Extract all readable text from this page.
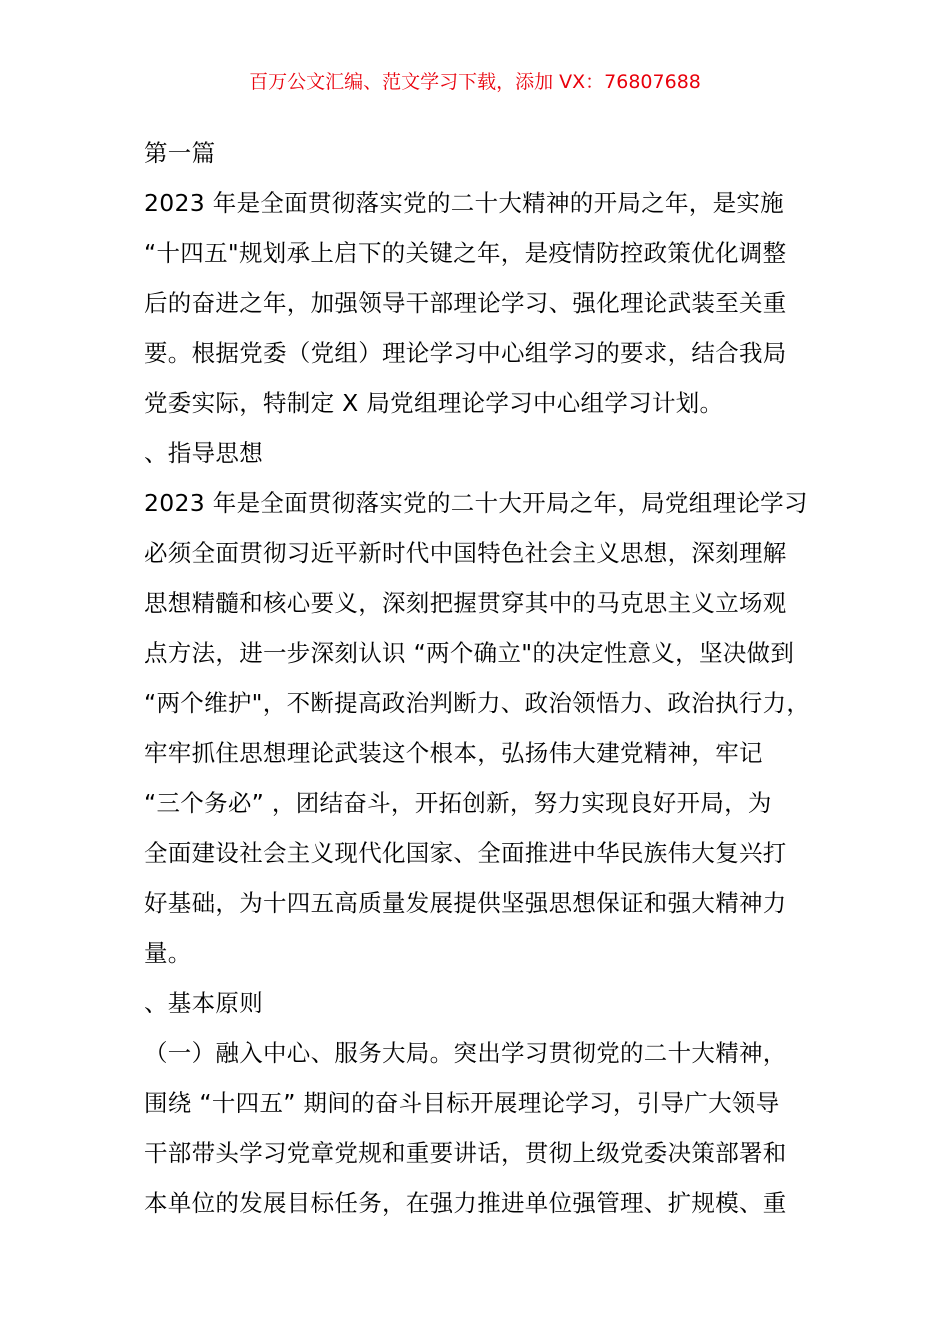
百万公文汇编、范文学习下载，添加 VX：76807688
第一篇
2023 年是全面贯彻落实党的二十大精神的开局之年，是实施
“十四五"规划承上启下的关键之年，是疫情防控政策优化调整
后的奋进之年，加强领导干部理论学习、强化理论武装至关重
要。根据党委（党组）理论学习中心组学习的要求，结合我局
党委实际，特制定 X 局党组理论学习中心组学习计划。
、指导思想
2023 年是全面贯彻落实党的二十大开局之年，局党组理论学习
必须全面贯彻习近平新时代中国特色社会主义思想，深刻理解
思想精髓和核心要义，深刻把握贯穿其中的马克思主义立场观
点方法，进一步深刻认识 “两个确立"的决定性意义，坚决做到
“两个维护"，不断提高政治判断力、政治领悟力、政治执行力，
牢牢抓住思想理论武装这个根本，弘扬伟大建党精神，牢记
“三个务必” ，团结奋斗，开拓创新，努力实现良好开局，为
全面建设社会主义现代化国家、全面推进中华民族伟大复兴打
好基础，为十四五高质量发展提供坚强思想保证和强大精神力
量。
、基本原则
（一）融入中心、服务大局。突出学习贯彻党的二十大精神，
围绕 “十四五” 期间的奋斗目标开展理论学习，引导广大领导
干部带头学习党章党规和重要讲话，贯彻上级党委决策部署和
本单位的发展目标任务，在强力推进单位强管理、扩规模、重
